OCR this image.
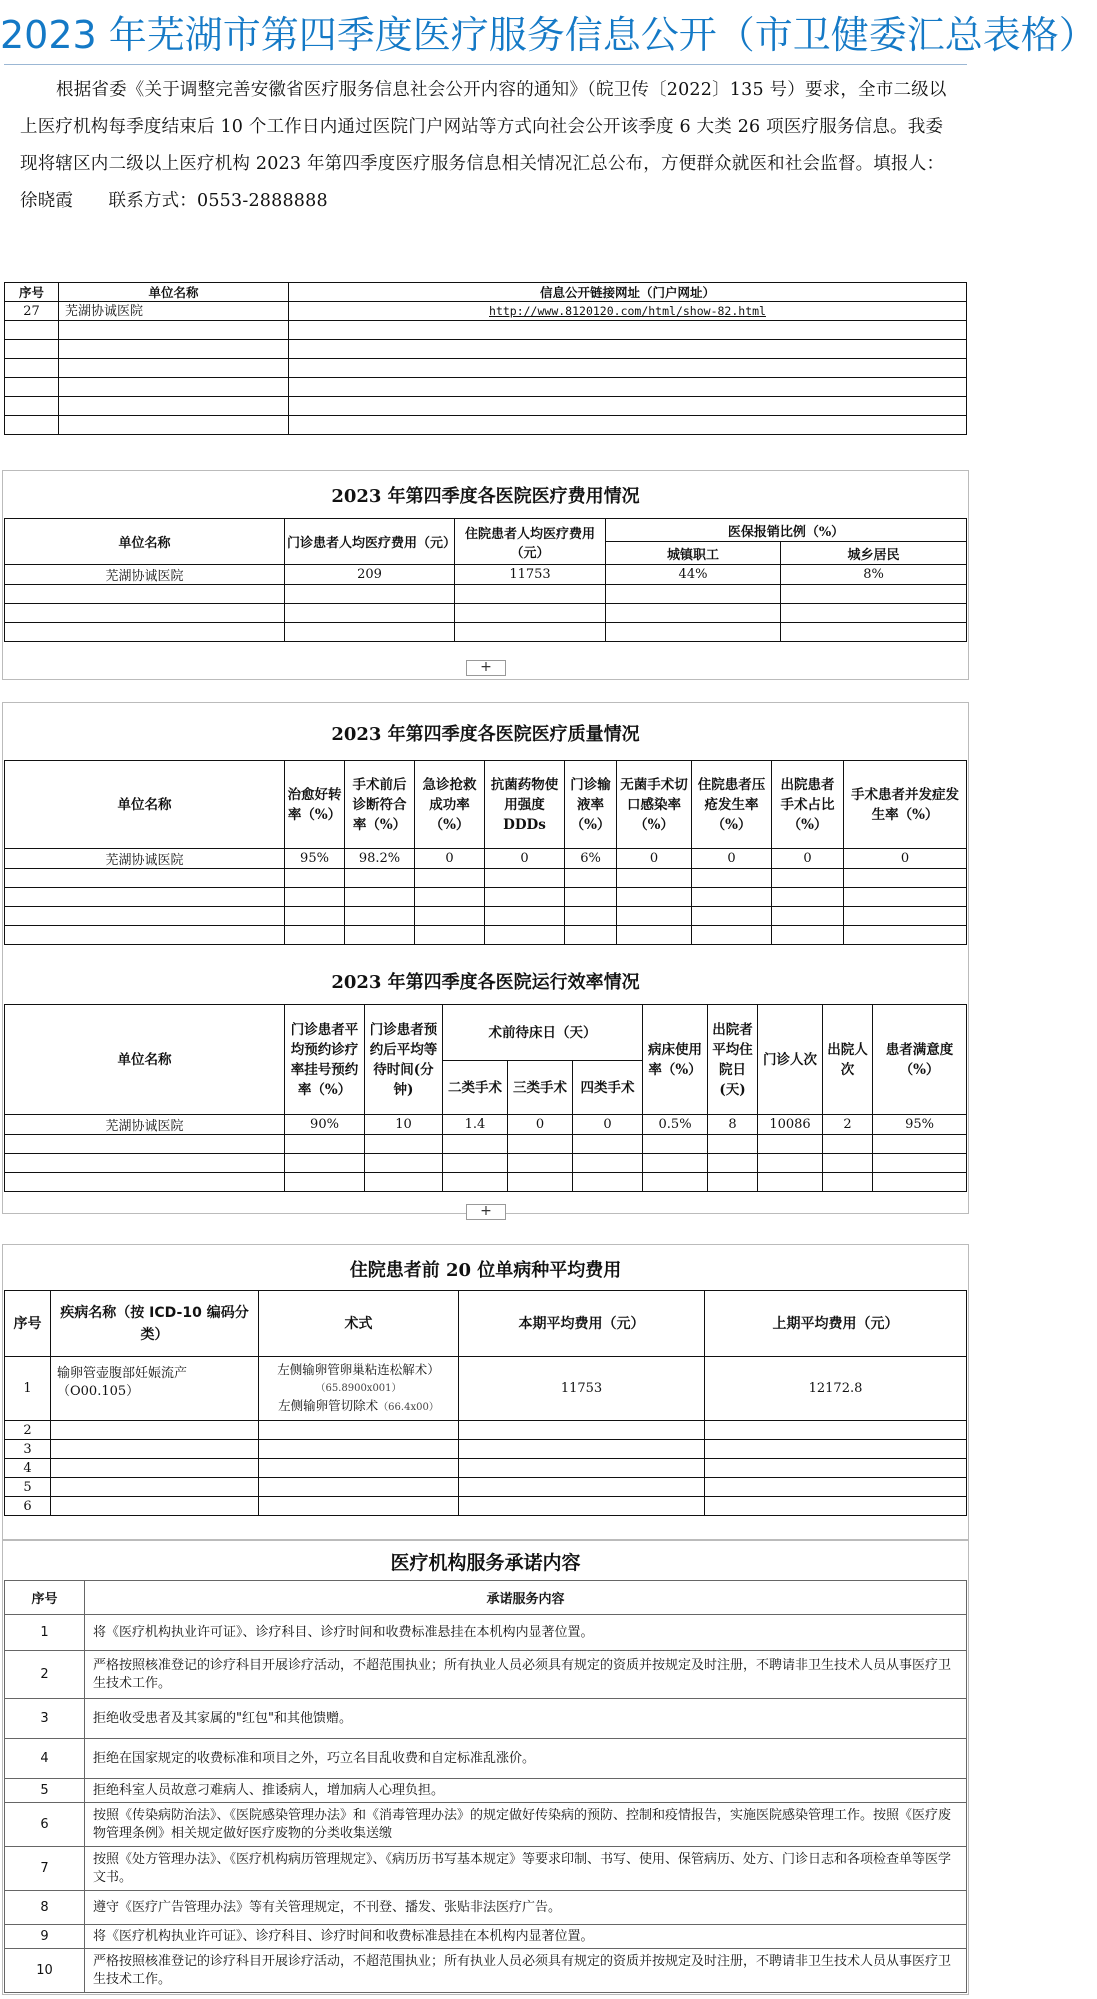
2023 年芜湖市第四季度医疗服务信息公开（市卫健委汇总表格）
根据省委《关于调整完善安徽省医疗服务信息社会公开内容的通知》（皖卫传〔2022〕135 号）要求，全市二级以上医疗机构每季度结束后 10 个工作日内通过医院门户网站等方式向社会公开该季度 6 大类 26 项医疗服务信息。我委现将辖区内二级以上医疗机构 2023 年第四季度医疗服务信息相关情况汇总公布，方便群众就医和社会监督。填报人：徐晓霞　　联系方式：0553-2888888
序号	单位名称	信息公开链接网址（门户网址）
27	芜湖协诚医院	http://www.8120120.com/html/show-82.html

2023 年第四季度各医院医疗费用情况
单位名称	门诊患者人均医疗费用（元）	住院患者人均医疗费用（元）	医保报销比例（%）	
			城镇职工	城乡居民
芜湖协诚医院	209	11753	44%	8%

+
2023 年第四季度各医院医疗质量情况
单位名称	治愈好转率（%）	手术前后诊断符合率（%）	急诊抢救成功率（%）	抗菌药物使用强度DDDs	门诊输液率（%）	无菌手术切口感染率（%）	住院患者压疮发生率（%）	出院患者手术占比（%）	手术患者并发症发生率（%）
芜湖协诚医院	95%	98.2%	0	0	6%	0	0	0	0

2023 年第四季度各医院运行效率情况
单位名称	门诊患者平均预约诊疗率挂号预约率（%）	门诊患者预约后平均等待时间(分钟)	术前待床日（天）			病床使用率（%）	出院者平均住院日(天)	门诊人次	出院人次	患者满意度（%）
			二类手术	三类手术	四类手术					
芜湖协诚医院	90%	10	1.4	0	0	0.5%	8	10086	2	95%

+
住院患者前 20 位单病种平均费用
序号	疾病名称（按 ICD-10 编码分类）	术式	本期平均费用（元）	上期平均费用（元）
1	输卵管壶腹部妊娠流产（O00.105）	左侧输卵管卵巢粘连松解术）（65.8900x001）
左侧输卵管切除术（66.4x00）	11753	12172.8
2				
3				
4				
5				
6				
医疗机构服务承诺内容
序号	承诺服务内容
1	将《医疗机构执业许可证》、诊疗科目、诊疗时间和收费标准悬挂在本机构内显著位置。
2	严格按照核准登记的诊疗科目开展诊疗活动，不超范围执业；所有执业人员必须具有规定的资质并按规定及时注册，不聘请非卫生技术人员从事医疗卫生技术工作。
3	拒绝收受患者及其家属的"红包"和其他馈赠。
4	拒绝在国家规定的收费标准和项目之外，巧立名目乱收费和自定标准乱涨价。
5	拒绝科室人员故意刁难病人、推诿病人，增加病人心理负担。
6	按照《传染病防治法》、《医院感染管理办法》和《消毒管理办法》的规定做好传染病的预防、控制和疫情报告，实施医院感染管理工作。按照《医疗废物管理条例》相关规定做好医疗废物的分类收集送缴
7	按照《处方管理办法》、《医疗机构病历管理规定》、《病历历书写基本规定》等要求印制、书写、使用、保管病历、处方、门诊日志和各项检查单等医学文书。
8	遵守《医疗广告管理办法》等有关管理规定，不刊登、播发、张贴非法医疗广告。
9	将《医疗机构执业许可证》、诊疗科目、诊疗时间和收费标准悬挂在本机构内显著位置。
10	严格按照核准登记的诊疗科目开展诊疗活动，不超范围执业；所有执业人员必须具有规定的资质并按规定及时注册，不聘请非卫生技术人员从事医疗卫生技术工作。
